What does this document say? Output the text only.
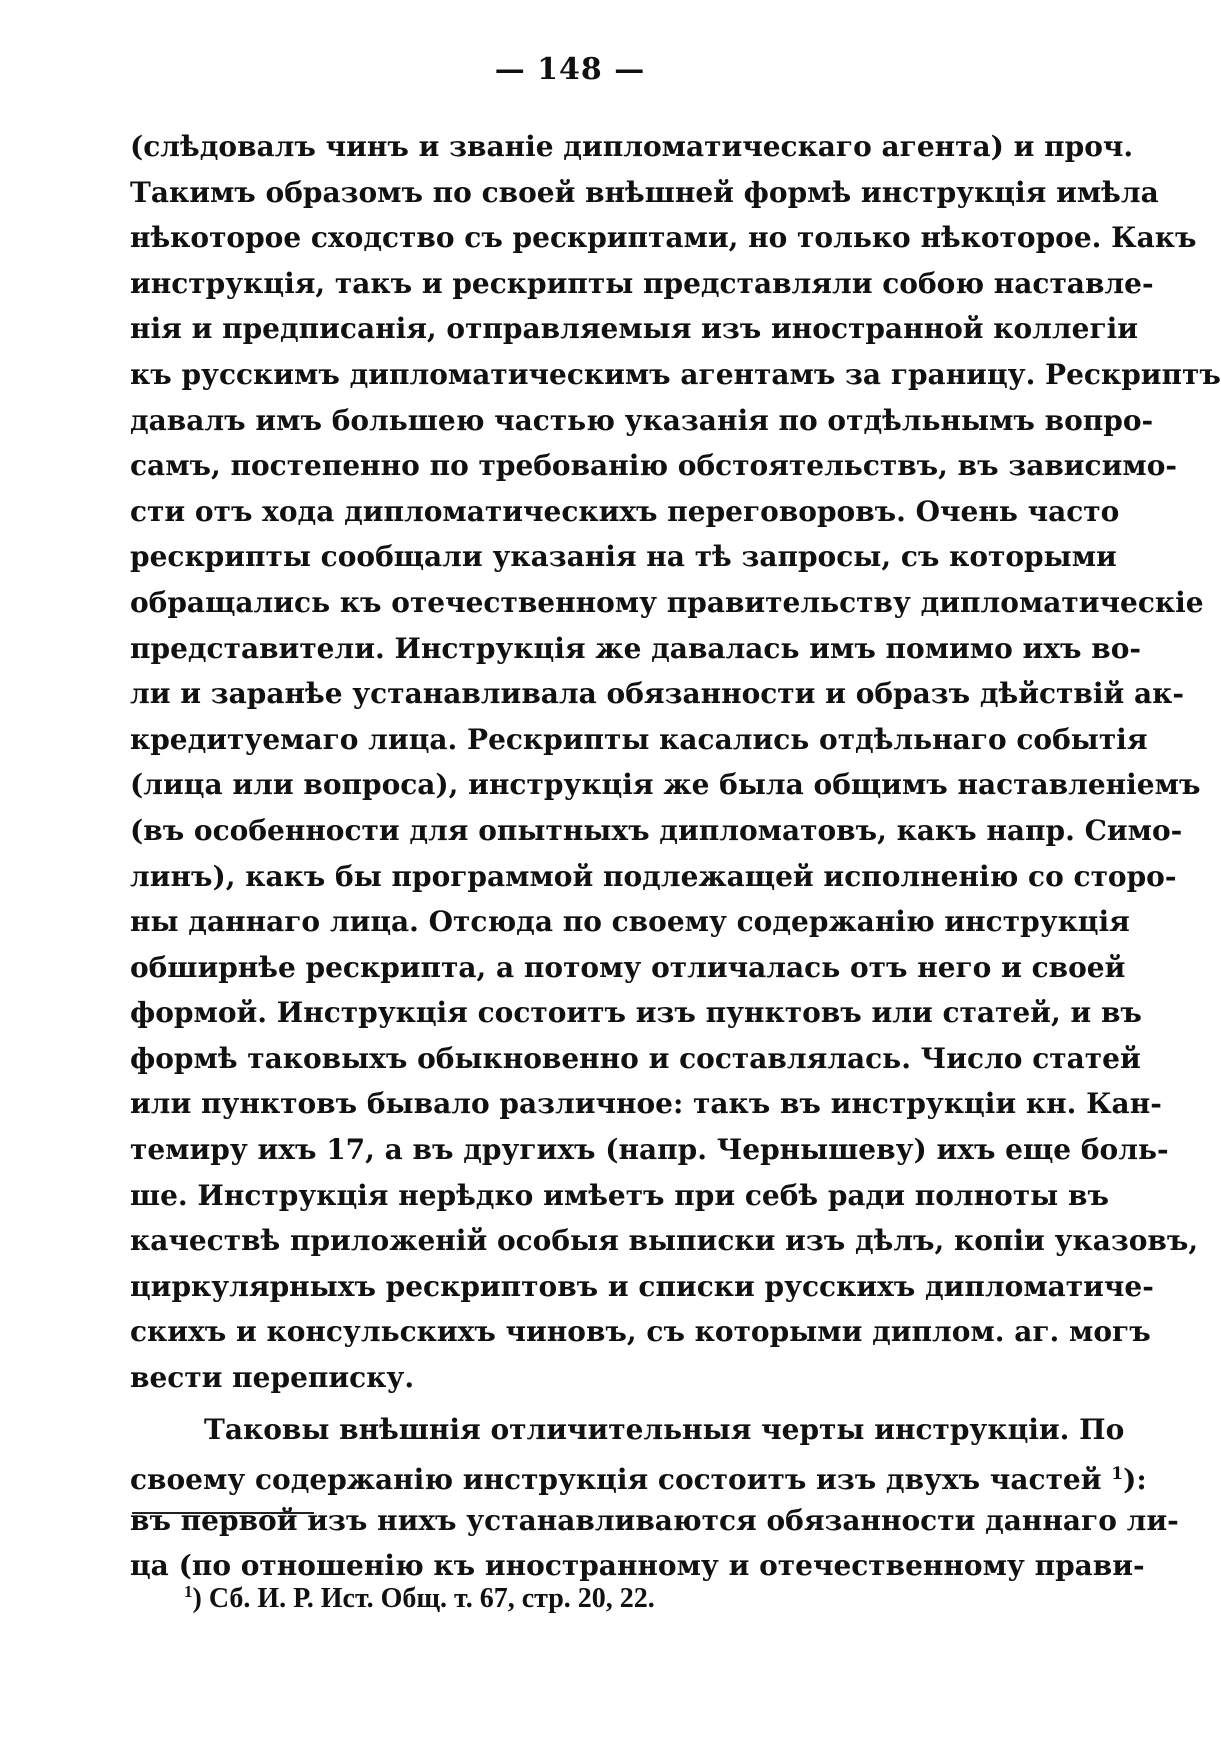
— 148 —
(слѣдовалъ чинъ и званіе дипломатическаго агента) и проч.
Такимъ образомъ по своей внѣшней формѣ инструкція имѣла
нѣкоторое сходство съ рескриптами, но только нѣкоторое. Какъ
инструкція, такъ и рескрипты представляли собою наставле-
нія и предписанія, отправляемыя изъ иностранной коллегіи
къ русскимъ дипломатическимъ агентамъ за границу. Рескриптъ
давалъ имъ большею частью указанія по отдѣльнымъ вопро-
самъ, постепенно по требованію обстоятельствъ, въ зависимо-
сти отъ хода дипломатическихъ переговоровъ. Очень часто
рескрипты сообщали указанія на тѣ запросы, съ которыми
обращались къ отечественному правительству дипломатическіе
представители. Инструкція же давалась имъ помимо ихъ во-
ли и заранѣе устанавливала обязанности и образъ дѣйствій ак-
кредитуемаго лица. Рескрипты касались отдѣльнаго событія
(лица или вопроса), инструкція же была общимъ наставленіемъ
(въ особенности для опытныхъ дипломатовъ, какъ напр. Симо-
линъ), какъ бы программой подлежащей исполненію со сторо-
ны даннаго лица. Отсюда по своему содержанію инструкція
обширнѣе рескрипта, а потому отличалась отъ него и своей
формой. Инструкція состоитъ изъ пунктовъ или статей, и въ
формѣ таковыхъ обыкновенно и составлялась. Число статей
или пунктовъ бывало различное: такъ въ инструкціи кн. Кан-
темиру ихъ 17, а въ другихъ (напр. Чернышеву) ихъ еще боль-
ше. Инструкція нерѣдко имѣетъ при себѣ ради полноты въ
качествѣ приложеній особыя выписки изъ дѣлъ, копіи указовъ,
циркулярныхъ рескриптовъ и списки русскихъ дипломатиче-
скихъ и консульскихъ чиновъ, съ которыми диплом. аг. могъ
вести переписку.
Таковы внѣшнія отличительныя черты инструкціи. По
своему содержанію инструкція состоитъ изъ двухъ частей $^1$):
въ первой изъ нихъ устанавливаются обязанности даннаго ли-
ца (по отношенію къ иностранному и отечественному прави-
$^1$) Сб. И. Р. Ист. Общ. т. 67, стр. 20, 22.
